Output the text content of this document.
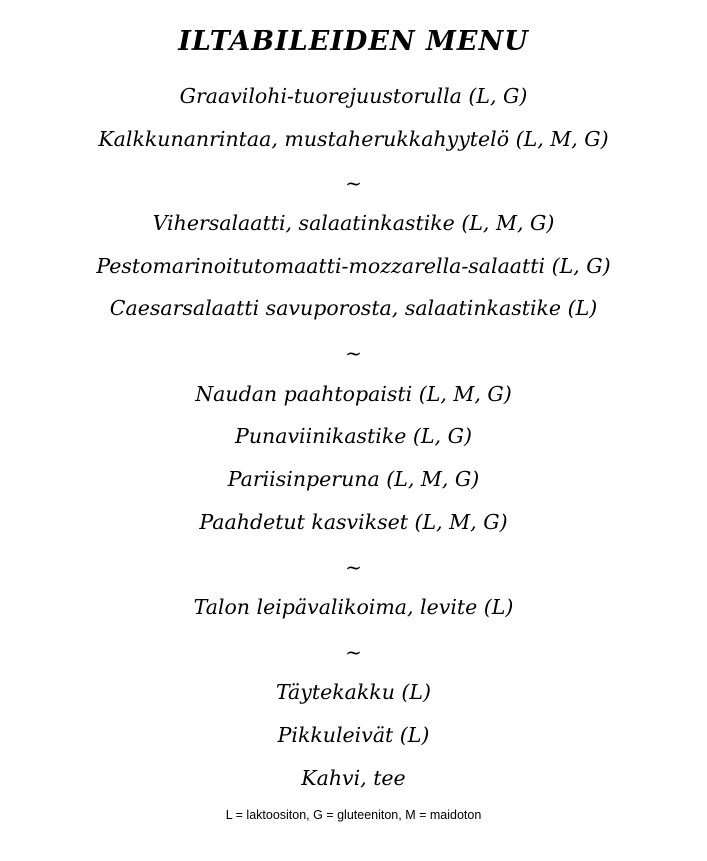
ILTABILEIDEN MENU
Graavilohi-tuorejuustorulla (L, G)
Kalkkunanrintaa, mustaherukkahyytelö (L, M, G)
~
Vihersalaatti, salaatinkastike (L, M, G)
Pestomarinoitutomaatti-mozzarella-salaatti (L, G)
Caesarsalaatti savuporosta, salaatinkastike (L)
~
Naudan paahtopaisti (L, M, G)
Punaviinikastike (L, G)
Pariisinperuna (L, M, G)
Paahdetut kasvikset (L, M, G)
~
Talon leipävalikoima, levite (L)
~
Täytekakku (L)
Pikkuleivät (L)
Kahvi, tee
L = laktoositon, G = gluteeniton, M = maidoton
